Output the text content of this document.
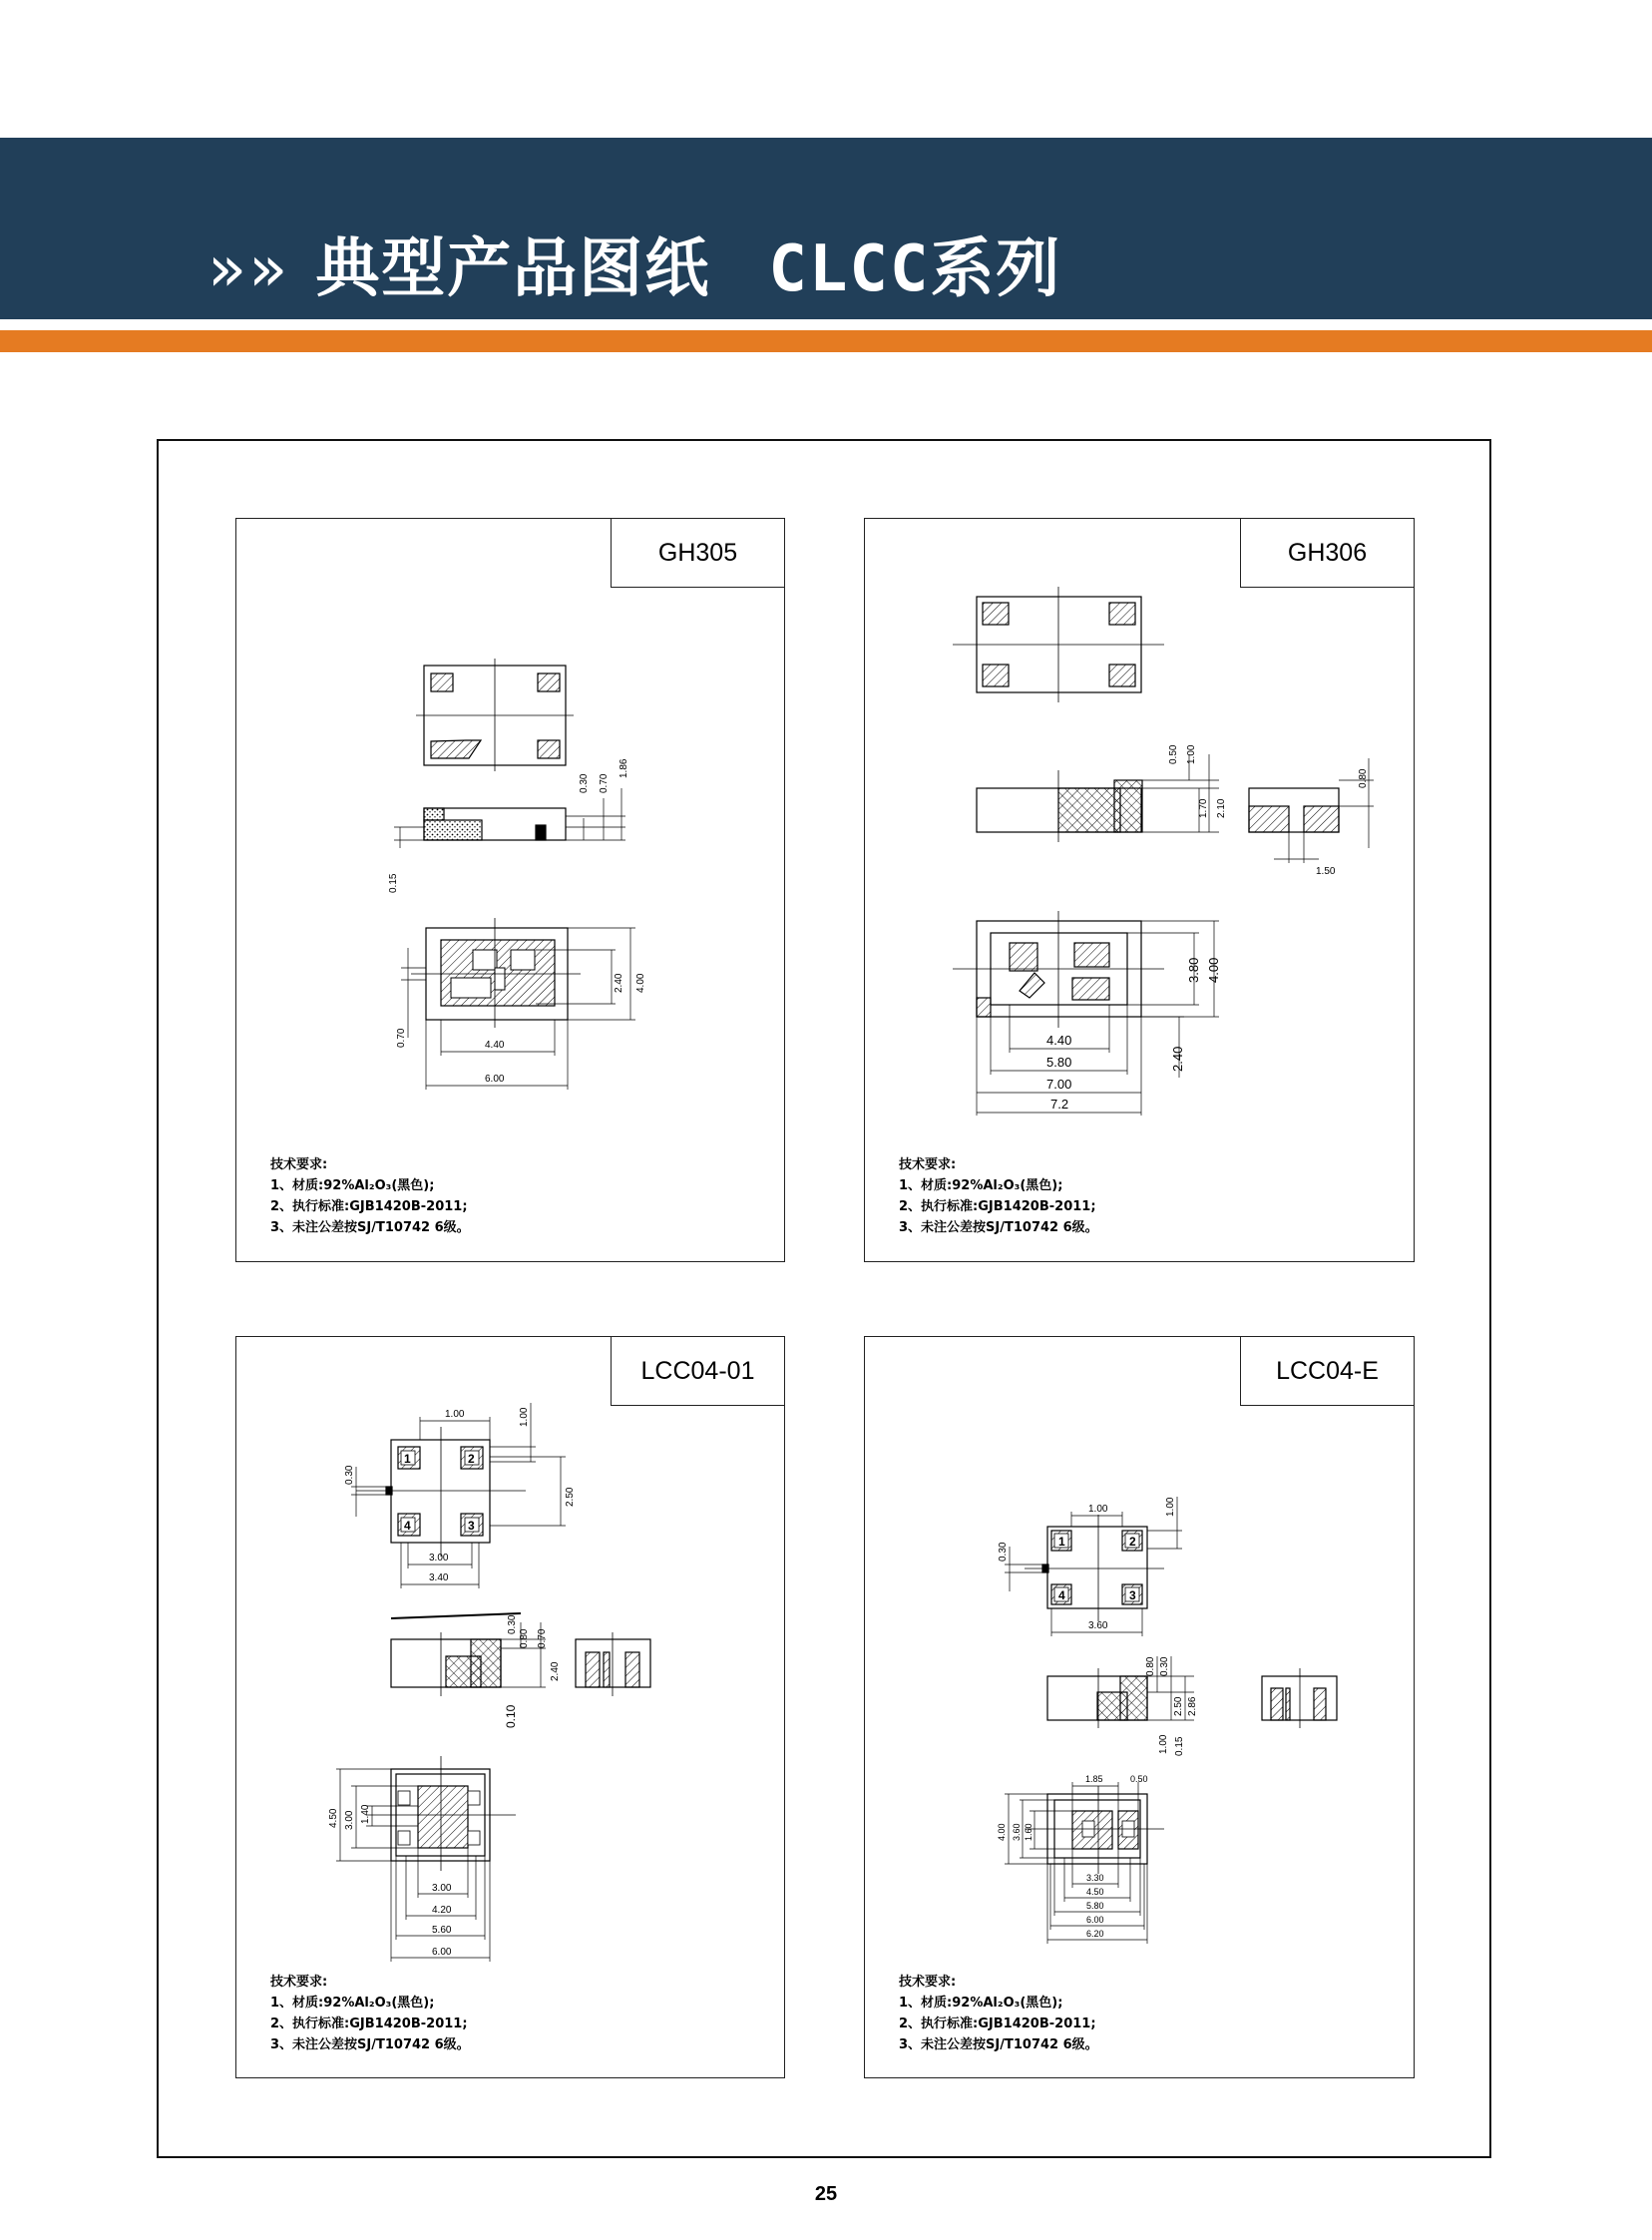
»» 典型产品图纸 CLCC系列
GH305
0.30 0.70
1.86
0.15
2.40 4.00
0.70	4.40
6.00
技术要求:
1、材质:92%Al₂O₃(黑色);
2、执行标准:GJB1420B-2011;
3、未注公差按SJ/T10742 6级。
GH306
0.50 1.00
1.70 2.10
0.80
1.50
3.80 4.00
4.40
5.80
7.00
7.2
2.40
技术要求:
1、材质:92%Al₂O₃(黑色);
2、执行标准:GJB1420B-2011;
3、未注公差按SJ/T10742 6级。
LCC04-01
1	2
3
4
1.00	1.00
0.30
2.50
3.00
3.40
0.30
0.80 0.70
2.40
0.10
4.50 3.00 1.40
3.00
4.20
5.60
6.00
技术要求:
1、材质:92%Al₂O₃(黑色);
2、执行标准:GJB1420B-2011;
3、未注公差按SJ/T10742 6级。
LCC04-E
1	2
3
4
1.00	1.00
0.30
3.60
0.80 0.30
2.50 2.86
1.00 0.15
1.85	0.50
4.00 3.60 1.60
3.30
4.50
5.80
6.00
6.20
技术要求:
1、材质:92%Al₂O₃(黑色);
2、执行标准:GJB1420B-2011;
3、未注公差按SJ/T10742 6级。
25
